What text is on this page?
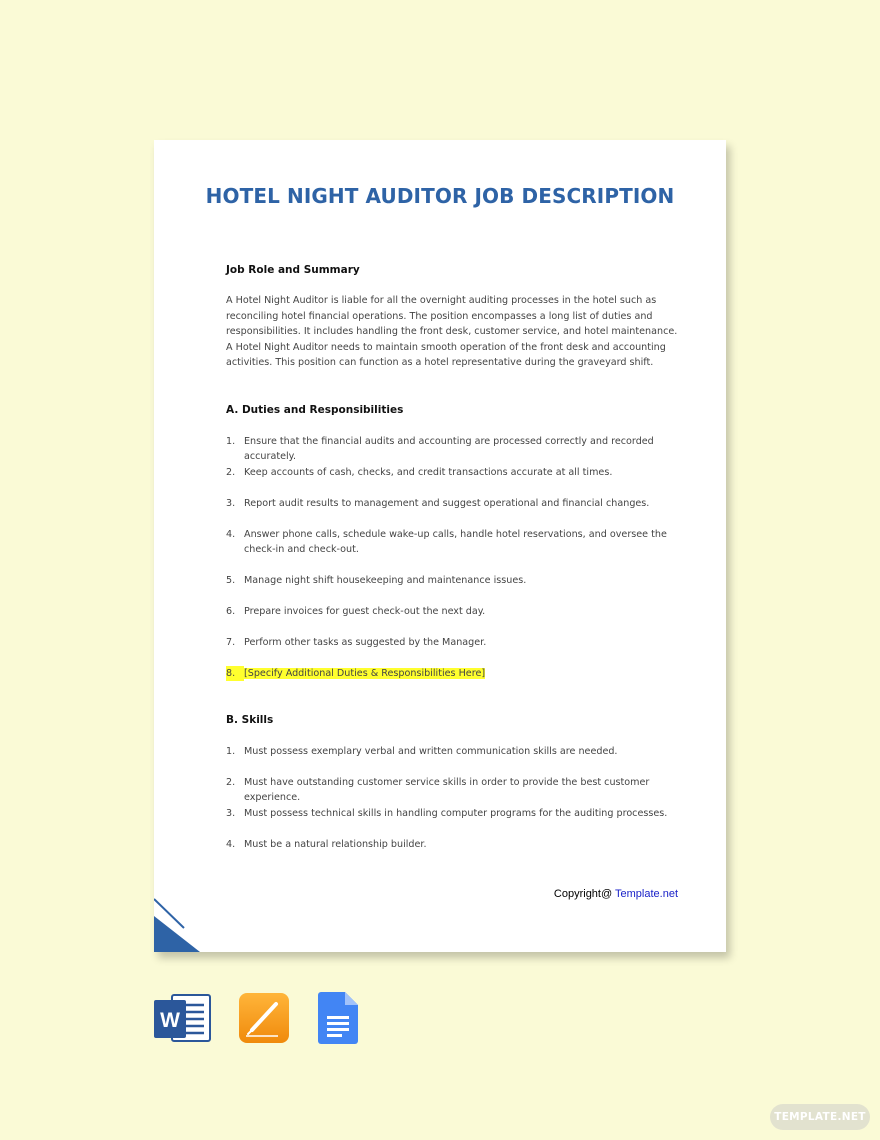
HOTEL NIGHT AUDITOR JOB DESCRIPTION
Job Role and Summary

A Hotel Night Auditor is liable for all the overnight auditing processes in the hotel such as reconciling hotel financial operations. The position encompasses a long list of duties and responsibilities. It includes handling the front desk, customer service, and hotel maintenance. A Hotel Night Auditor needs to maintain smooth operation of the front desk and accounting activities. This position can function as a hotel representative during the graveyard shift.

A. Duties and Responsibilities
1. Ensure that the financial audits and accounting are processed correctly and recorded accurately.
2. Keep accounts of cash, checks, and credit transactions accurate at all times.
3. Report audit results to management and suggest operational and financial changes.
4. Answer phone calls, schedule wake-up calls, handle hotel reservations, and oversee the check-in and check-out.
5. Manage night shift housekeeping and maintenance issues.
6. Prepare invoices for guest check-out the next day.
7. Perform other tasks as suggested by the Manager.
8. [Specify Additional Duties & Responsibilities Here]
B. Skills
1. Must possess exemplary verbal and written communication skills are needed.
2. Must have outstanding customer service skills in order to provide the best customer experience.
3. Must possess technical skills in handling computer programs for the auditing processes.
4. Must be a natural relationship builder.

Copyright@ Template.net

W
TEMPLATE.NET
